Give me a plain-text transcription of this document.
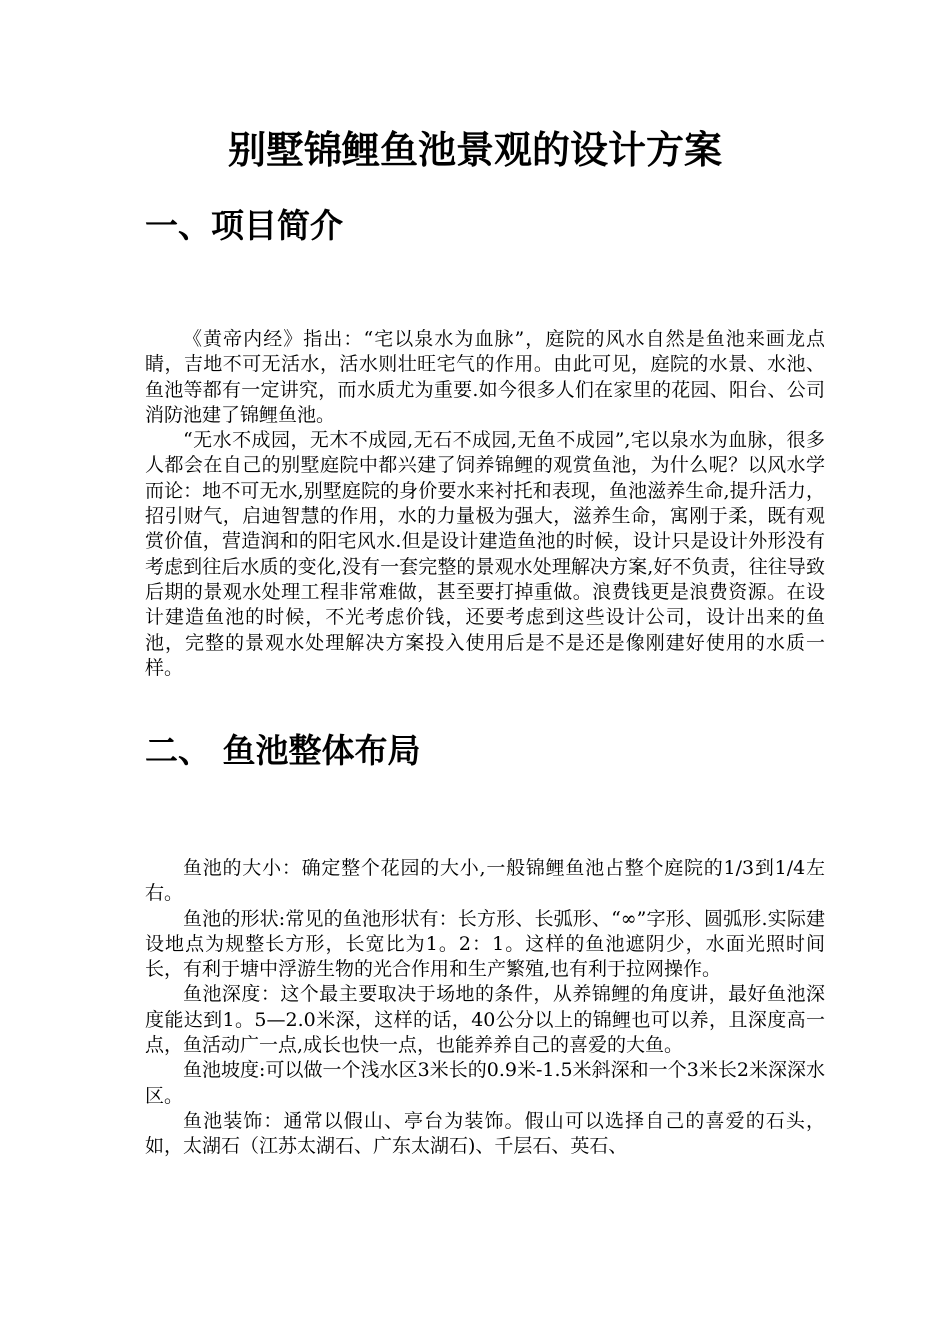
别墅锦鲤鱼池景观的设计方案
一、项目简介

《黄帝内经》指出：“宅以泉水为血脉”，庭院的风水自然是鱼池来画龙点睛，吉地不可无活水，活水则壮旺宅气的作用。由此可见，庭院的水景、水池、鱼池等都有一定讲究，而水质尤为重要.如今很多人们在家里的花园、阳台、公司消防池建了锦鲤鱼池。

“无水不成园，无木不成园,无石不成园,无鱼不成园”,宅以泉水为血脉，很多人都会在自己的别墅庭院中都兴建了饲养锦鲤的观赏鱼池，为什么呢？以风水学而论：地不可无水,别墅庭院的身价要水来衬托和表现，鱼池滋养生命,提升活力，招引财气，启迪智慧的作用，水的力量极为强大，滋养生命，寓刚于柔，既有观赏价值，营造润和的阳宅风水.但是设计建造鱼池的时候，设计只是设计外形没有考虑到往后水质的变化,没有一套完整的景观水处理解决方案,好不负责，往往导致后期的景观水处理工程非常难做，甚至要打掉重做。浪费钱更是浪费资源。在设计建造鱼池的时候，不光考虑价钱，还要考虑到这些设计公司，设计出来的鱼池，完整的景观水处理解决方案投入使用后是不是还是像刚建好使用的水质一样。

二、 鱼池整体布局

鱼池的大小：确定整个花园的大小,一般锦鲤鱼池占整个庭院的1/3到1/4左右。

鱼池的形状:常见的鱼池形状有：长方形、长弧形、“∞”字形、圆弧形.实际建设地点为规整长方形，长宽比为1。2：1。这样的鱼池遮阴少，水面光照时间长，有利于塘中浮游生物的光合作用和生产繁殖,也有利于拉网操作。

鱼池深度：这个最主要取决于场地的条件，从养锦鲤的角度讲，最好鱼池深度能达到1。5—2.0米深，这样的话，40公分以上的锦鲤也可以养，且深度高一点，鱼活动广一点,成长也快一点，也能养养自己的喜爱的大鱼。

鱼池坡度:可以做一个浅水区3米长的0.9米-1.5米斜深和一个3米长2米深深水区。

鱼池装饰：通常以假山、亭台为装饰。假山可以选择自己的喜爱的石头，如，太湖石（江苏太湖石、广东太湖石)、千层石、英石、
